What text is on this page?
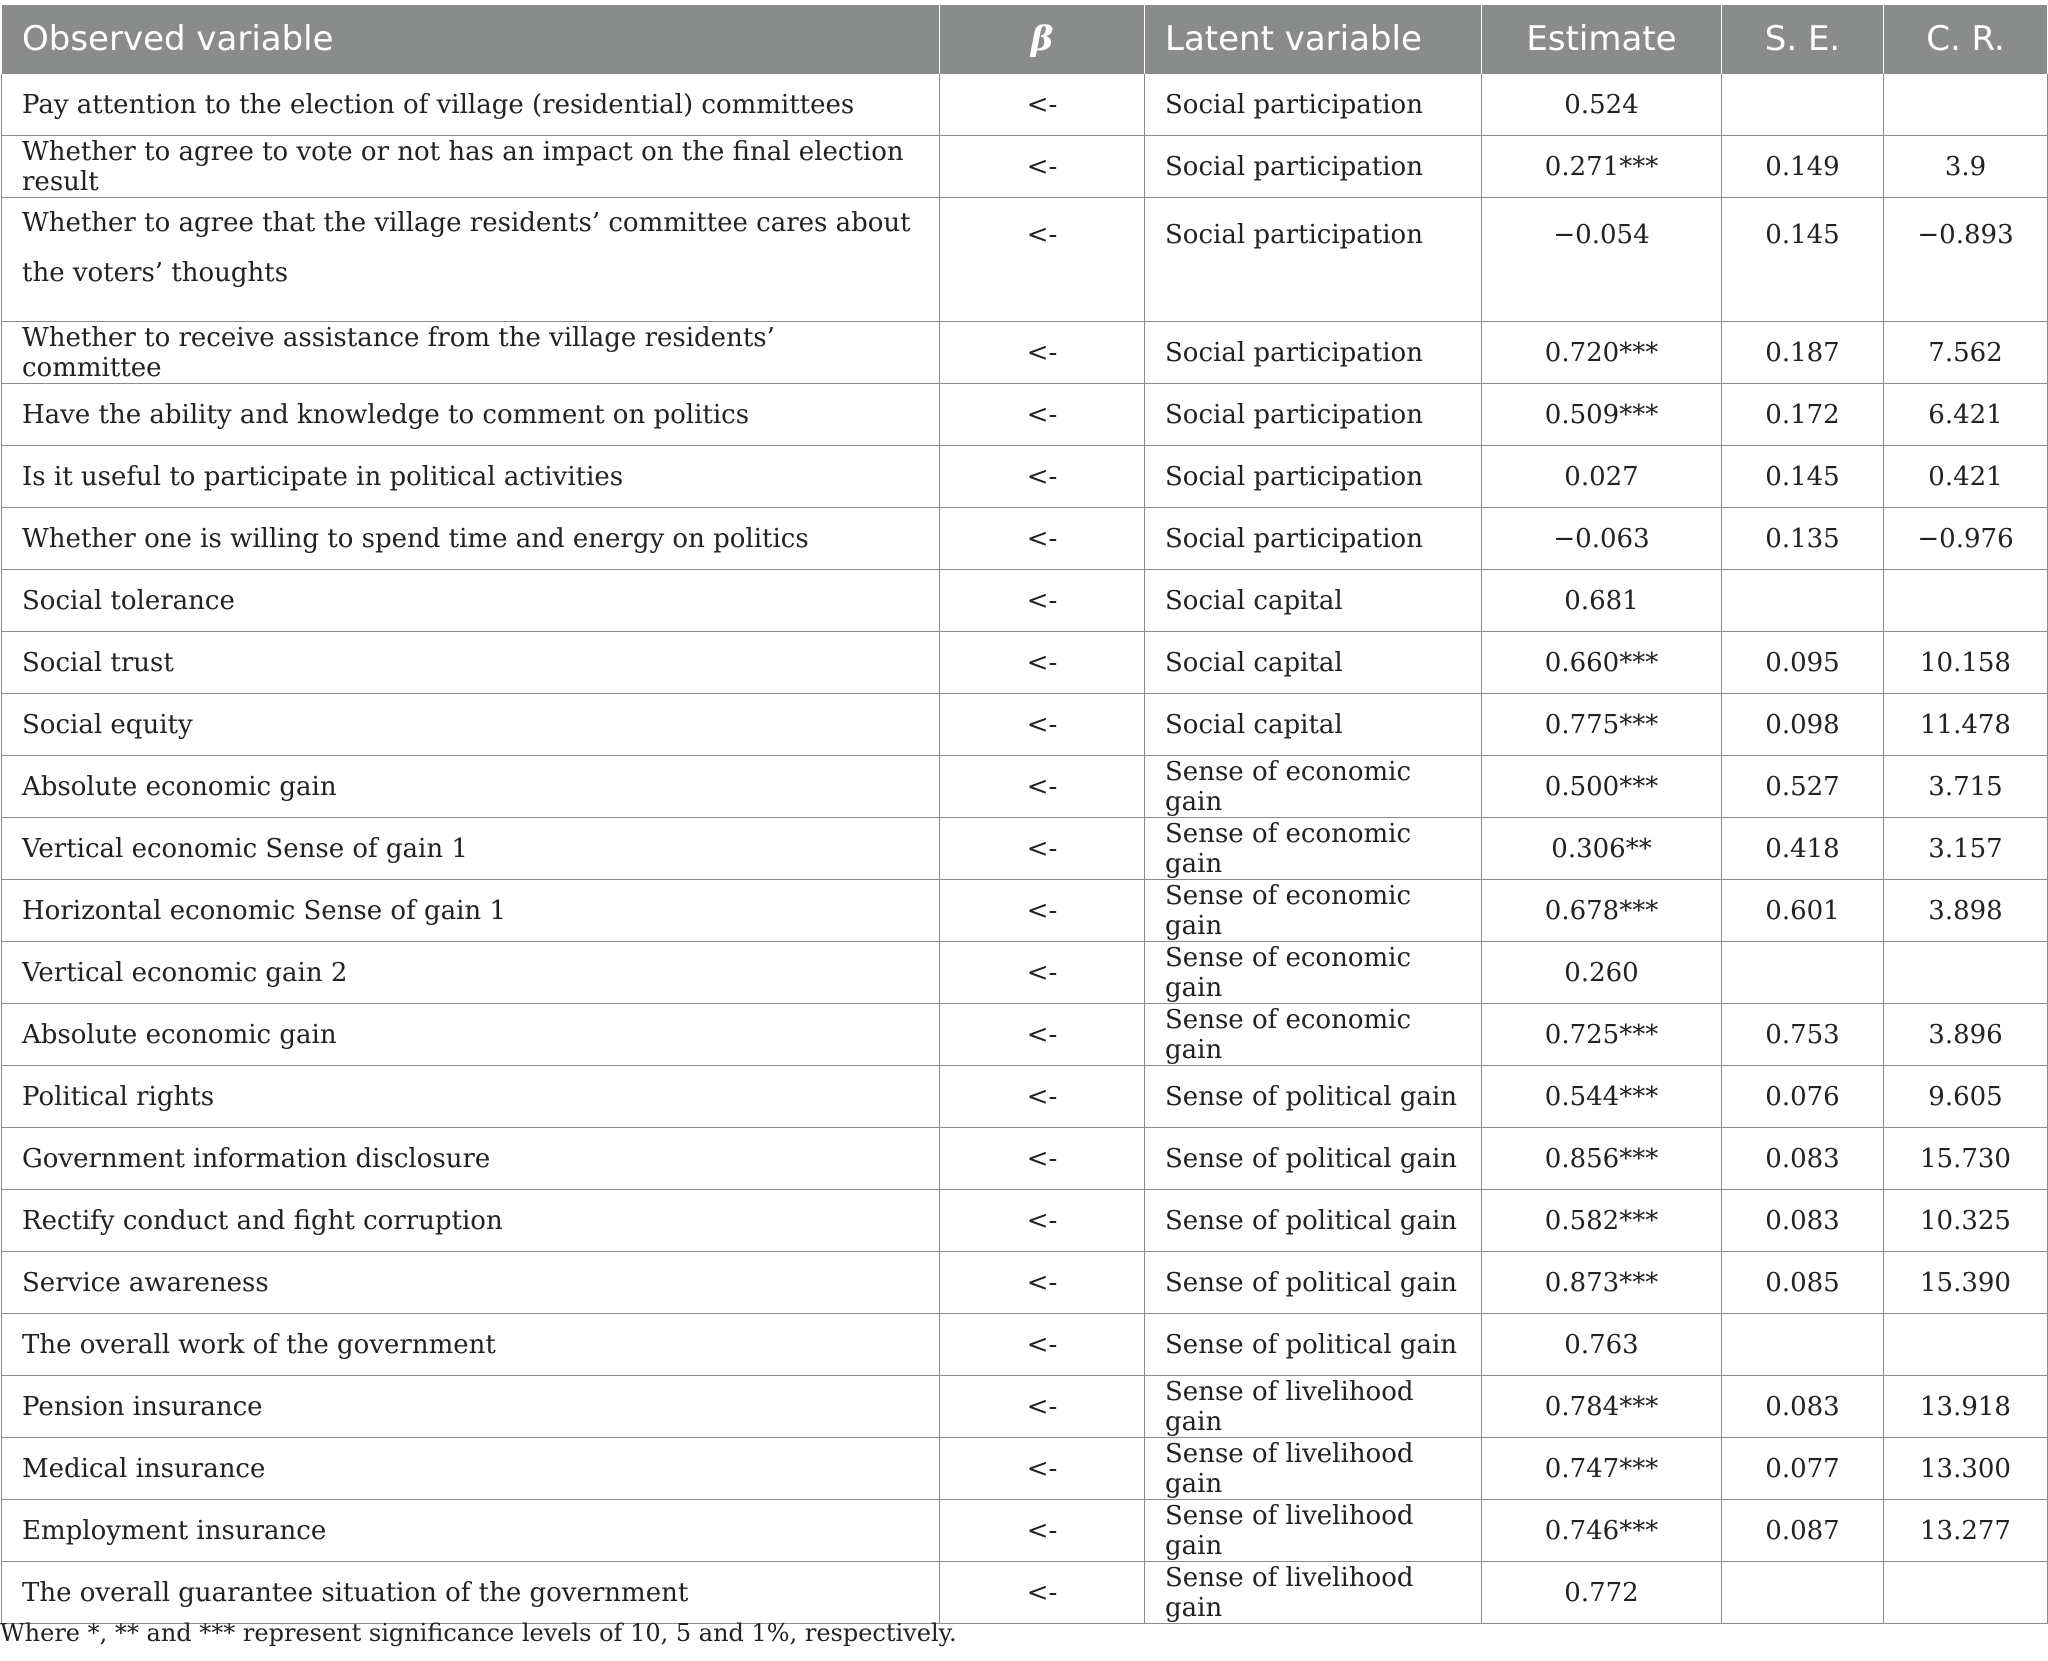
Observed variable	β	Latent variable	Estimate	S. E.	C. R.
Pay attention to the election of village (residential) committees	<-	Social participation	0.524		
Whether to agree to vote or not has an impact on the final election result	<-	Social participation	0.271***	0.149	3.9
Whether to agree that the village residents’ committee cares about the voters’ thoughts	<-	Social participation	−0.054	0.145	−0.893
Whether to receive assistance from the village residents’ committee	<-	Social participation	0.720***	0.187	7.562
Have the ability and knowledge to comment on politics	<-	Social participation	0.509***	0.172	6.421
Is it useful to participate in political activities	<-	Social participation	0.027	0.145	0.421
Whether one is willing to spend time and energy on politics	<-	Social participation	−0.063	0.135	−0.976
Social tolerance	<-	Social capital	0.681		
Social trust	<-	Social capital	0.660***	0.095	10.158
Social equity	<-	Social capital	0.775***	0.098	11.478
Absolute economic gain	<-	Sense of economic gain	0.500***	0.527	3.715
Vertical economic Sense of gain 1	<-	Sense of economic gain	0.306**	0.418	3.157
Horizontal economic Sense of gain 1	<-	Sense of economic gain	0.678***	0.601	3.898
Vertical economic gain 2	<-	Sense of economic gain	0.260		
Absolute economic gain	<-	Sense of economic gain	0.725***	0.753	3.896
Political rights	<-	Sense of political gain	0.544***	0.076	9.605
Government information disclosure	<-	Sense of political gain	0.856***	0.083	15.730
Rectify conduct and fight corruption	<-	Sense of political gain	0.582***	0.083	10.325
Service awareness	<-	Sense of political gain	0.873***	0.085	15.390
The overall work of the government	<-	Sense of political gain	0.763		
Pension insurance	<-	Sense of livelihood gain	0.784***	0.083	13.918
Medical insurance	<-	Sense of livelihood gain	0.747***	0.077	13.300
Employment insurance	<-	Sense of livelihood gain	0.746***	0.087	13.277
The overall guarantee situation of the government	<-	Sense of livelihood gain	0.772		
Where *, ** and *** represent significance levels of 10, 5 and 1%, respectively.
